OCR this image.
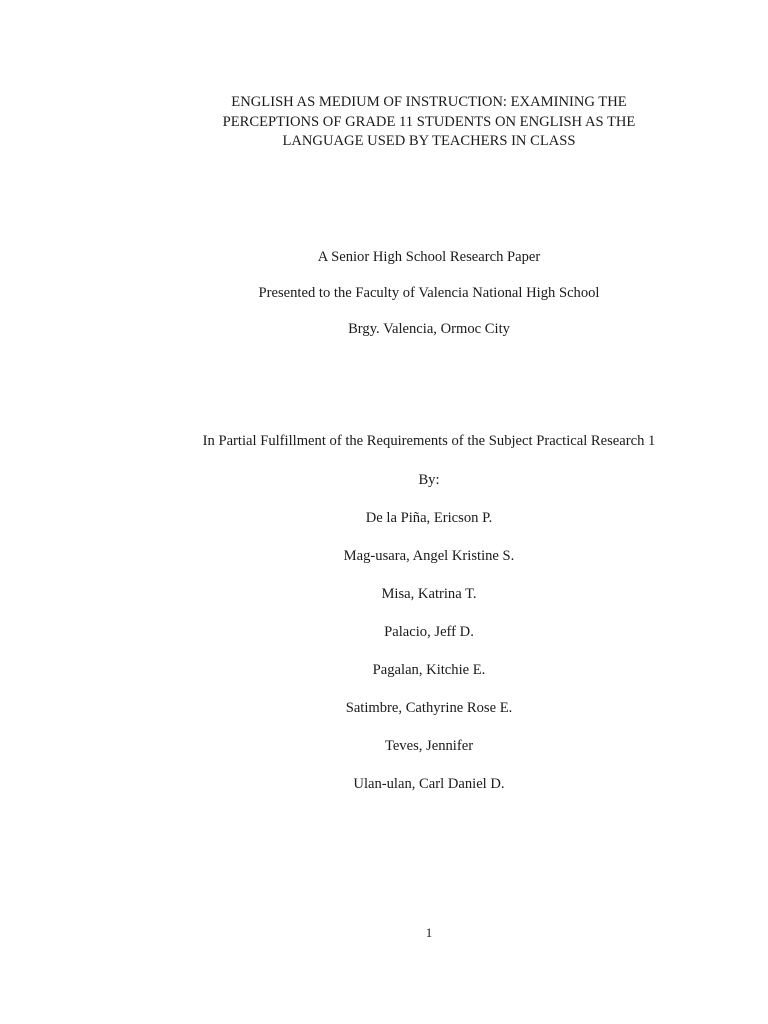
ENGLISH AS MEDIUM OF INSTRUCTION: EXAMINING THE
PERCEPTIONS OF GRADE 11 STUDENTS ON ENGLISH AS THE
LANGUAGE USED BY TEACHERS IN CLASS
A Senior High School Research Paper
Presented to the Faculty of Valencia National High School
Brgy. Valencia, Ormoc City
In Partial Fulfillment of the Requirements of the Subject Practical Research 1
By:
De la Piña, Ericson P.
Mag-usara, Angel Kristine S.
Misa, Katrina T.
Palacio, Jeff D.
Pagalan, Kitchie E.
Satimbre, Cathyrine Rose E.
Teves, Jennifer
Ulan-ulan, Carl Daniel D.
1
